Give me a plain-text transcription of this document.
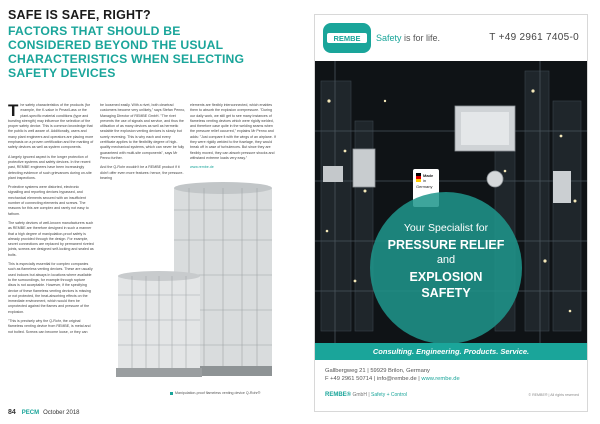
SAFE IS SAFE, RIGHT?
FACTORS THAT SHOULD BE CONSIDERED BEYOND THE USUAL CHARACTERISTICS WHEN SELECTING SAFETY DEVICES

The safety characteristics of the products (for example, the K-value in Pmax/Lass or the plant-specific material conditions (type and bursting strength) may influence the selection of the proper safety device. This is common knowledge that the public is well aware of. Additionally, users and many plant engineers and operators are placing more emphasis on a proven certification and the marking of safety devices as well as system components.

A largely ignored aspect is the longer protection of protective systems and safety devices. In the recent past, REMBE engineers have been increasingly detecting evidence of such grievances during on-site plant inspections.

Protective systems were distorted, electronic signalling and reporting devices bypassed, and mechanical elements secured with an insufficient number of connecting elements and screws. The reasons for this are complex and rarely not easy to fathom.

The safety devices of well-known manufacturers such as REMBE are therefore designed in such a manner that a high degree of manipulation-proof safety is already provided through the design. For example, secret connections are replaced by permanent riveted joints, screws are designed self-locking and sealed as bolts.

This is especially essential for complex companies such as flameless venting devices. These are usually used indoors but always in locations where available to the surroundings, for example through rupture discs is not acceptable. However, if the specifying device of these flameless venting devices is missing or not protected, the heat-absorbing effects on the immediate environment, which would then be unprotected against the flames and pressure of the explosion.

"This is precisely why the Q-Rohr, the original flameless venting device from REMBE, is metal and not bolted. Screws can become loose, or they can

be loosened easily. With a rivet, both cleartrad customers become very unlikely," says Stefan Penno, Managing Director of REMBE GmbH. "The rivet prevents the use of signals and service, and thus the utilisation of as many devices as well as hermetic sealable the explosion venting devices is slowly but surely reversing. This is why each and every certificate applies to the flexibility degree of high-quality mechanical systems, which can never be fully guaranteed with multi-site components", says Mr Penno further.

And the Q-Rohr wouldn't be a REMBE product if it didn't offer even more features: hence, the pressure-bearing

elements are flexibly interconnected, which enables them to absorb the explosion overpressure. "During our daily work, we still get to see many instances of flameless venting devices which were rigidly welded, and therefore case quite in the welding seams when the pressure relief occurred," explains Mr Penno and adds: "Just compare it with the wings of an airplane. If they were rigidly welded to the fuselage, they would break off in case of turbulences. But since they are flexibly moved, they can absorb pressure shocks and withstand extreme loads very easy."

www.rembe.de

Manipulation-proof flameless venting device Q-Rohr®
84 PECM October 2018
REMBE Safety is for life.	T +49 2961 7405-0
Made
in
Germany
Your Specialist for
PRESSURE RELIEF
and
EXPLOSION
SAFETY
Consulting. Engineering. Products. Service.
Gallbergweg 21 | 59929 Brilon, Germany
F +49 2961 50714 | info@rembe.de | www.rembe.de
REMBE® GmbH | Safety + Control	© REMBE® | All rights reserved
